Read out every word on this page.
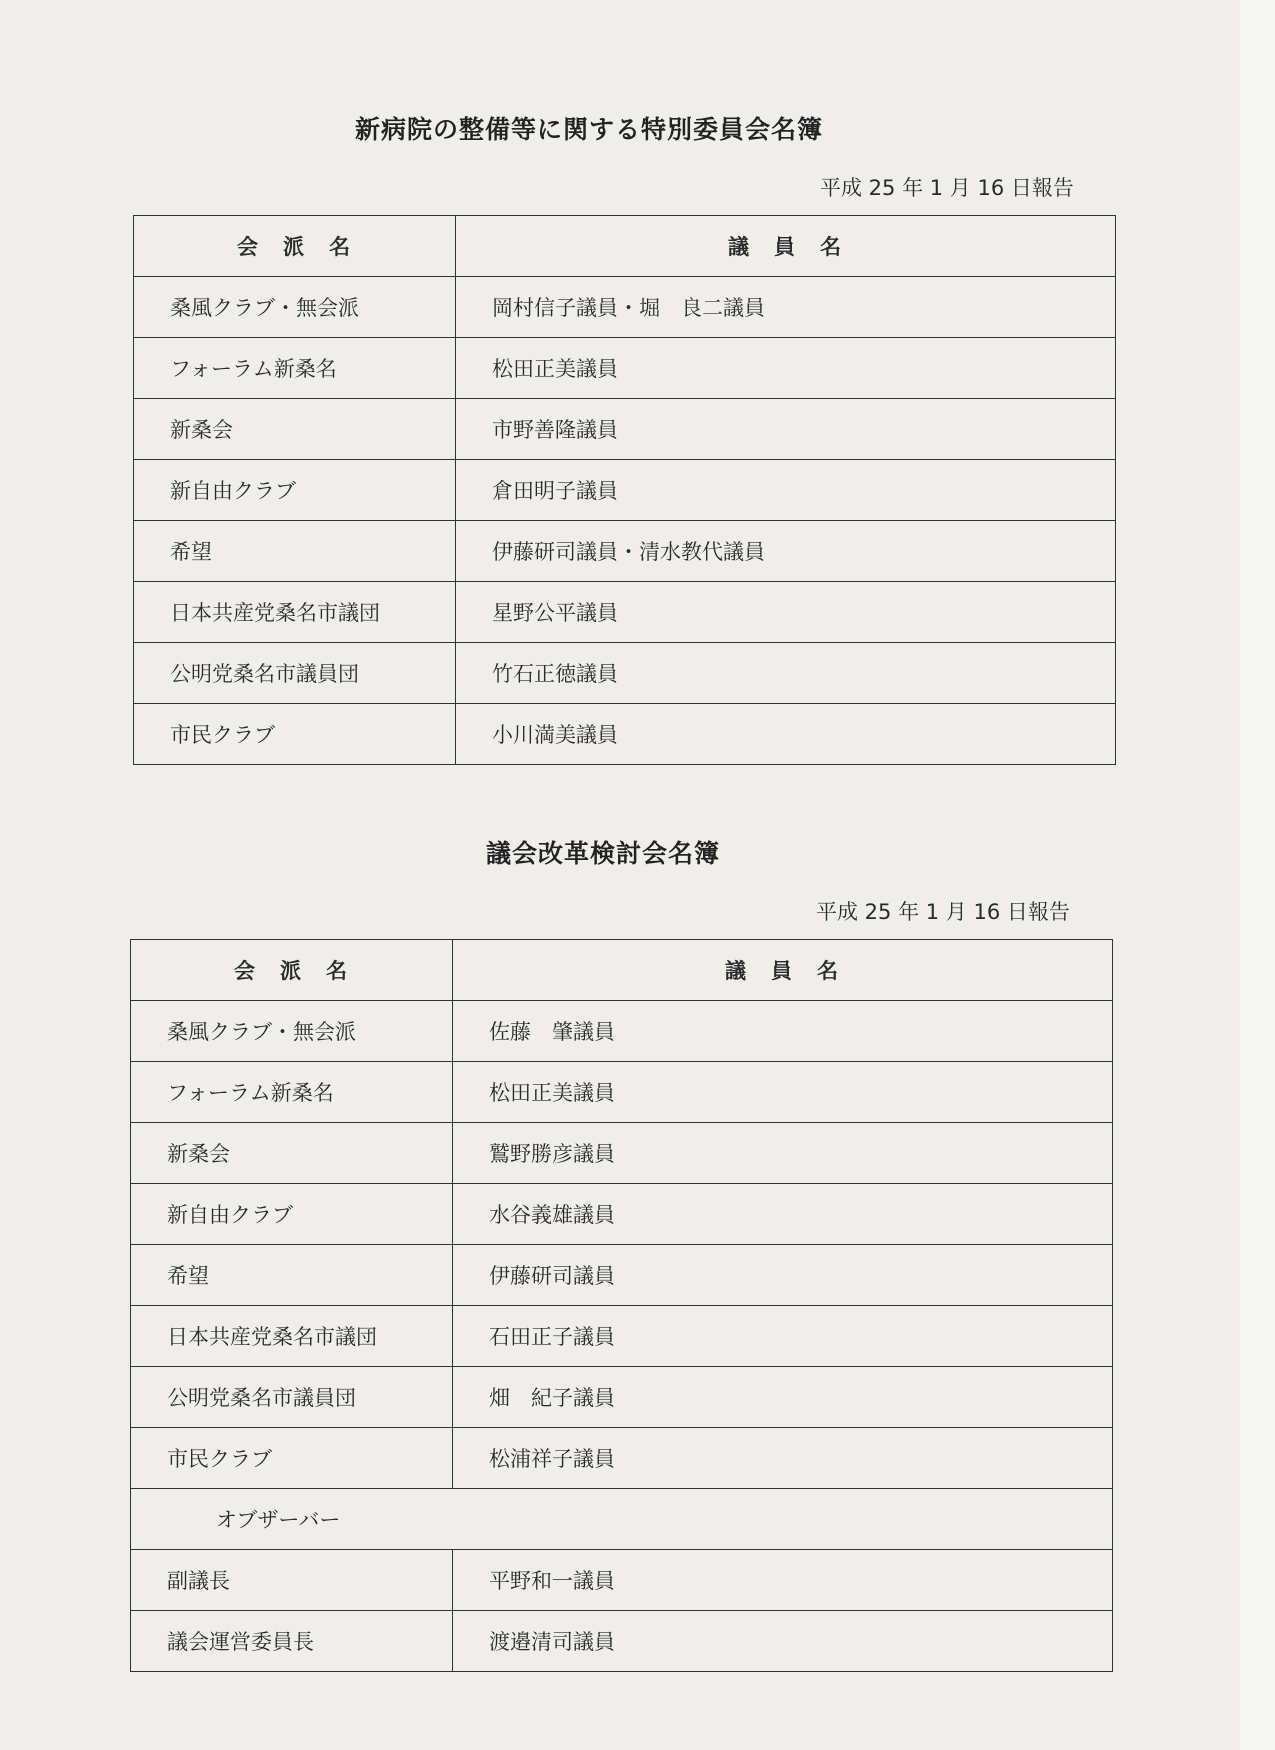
新病院の整備等に関する特別委員会名簿
平成 25 年 1 月 16 日報告
会　派　名	議　員　名
桑風クラブ・無会派	岡村信子議員・堀　良二議員
フォーラム新桑名	松田正美議員
新桑会	市野善隆議員
新自由クラブ	倉田明子議員
希望	伊藤研司議員・清水教代議員
日本共産党桑名市議団	星野公平議員
公明党桑名市議員団	竹石正徳議員
市民クラブ	小川満美議員
議会改革検討会名簿
平成 25 年 1 月 16 日報告
会　派　名	議　員　名
桑風クラブ・無会派	佐藤　肇議員
フォーラム新桑名	松田正美議員
新桑会	鷲野勝彦議員
新自由クラブ	水谷義雄議員
希望	伊藤研司議員
日本共産党桑名市議団	石田正子議員
公明党桑名市議員団	畑　紀子議員
市民クラブ	松浦祥子議員
オブザーバー	
副議長	平野和一議員
議会運営委員長	渡邉清司議員
